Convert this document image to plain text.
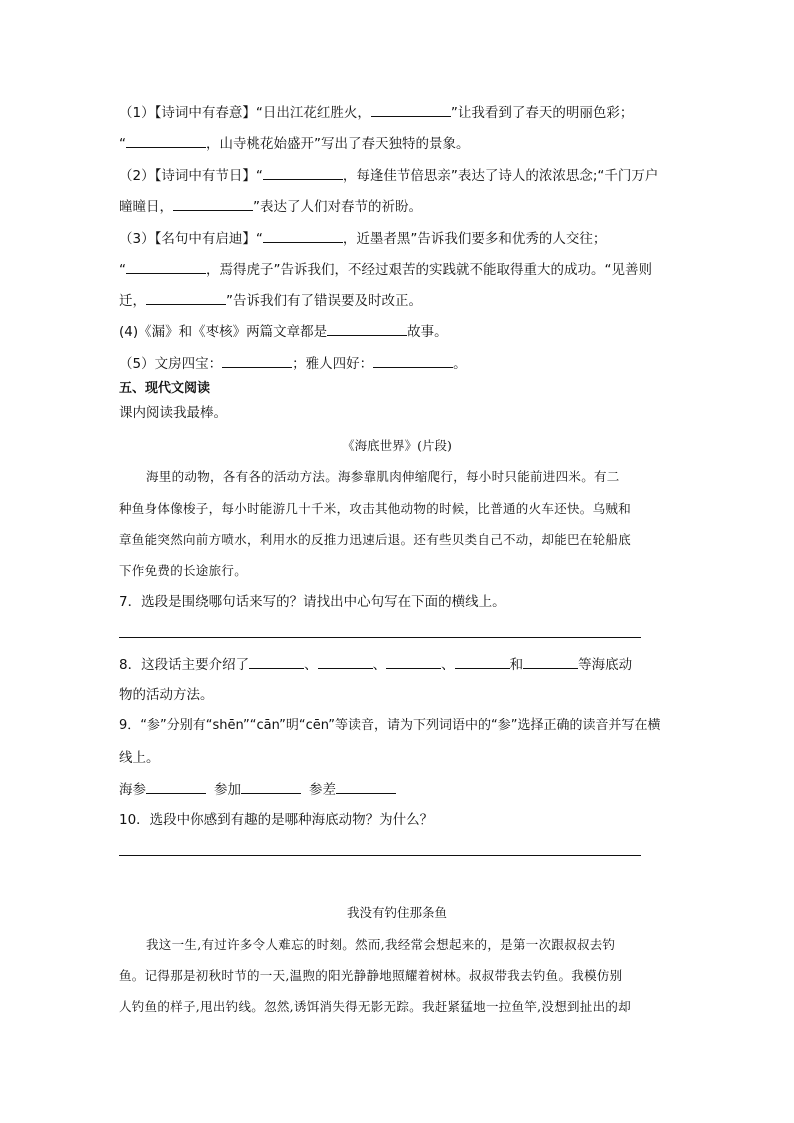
（1）【诗词中有春意】“日出江花红胜火，	”让我看到了春天的明丽色彩；
“	，山寺桃花始盛开”写出了春天独特的景象。
（2）【诗词中有节日】“	，每逢佳节倍思亲”表达了诗人的浓浓思念;“千门万户
曈曈日，	”表达了人们对春节的祈盼。
（3）【名句中有启迪】“	，近墨者黑”告诉我们要多和优秀的人交往；
“	，焉得虎子”告诉我们，不经过艰苦的实践就不能取得重大的成功。“见善则
迁，	”告诉我们有了错误要及时改正。
(4)《漏》和《枣核》两篇文章都是	故事。
（5）文房四宝：	；雅人四好：	。
五、现代文阅读
课内阅读我最棒。
《海底世界》(片段)
海里的动物，各有各的活动方法。海参靠肌肉伸缩爬行，每小时只能前进四米。有二
种鱼身体像梭子，每小时能游几十千米，攻击其他动物的时候，比普通的火车还快。乌贼和
章鱼能突然向前方喷水，利用水的反推力迅速后退。还有些贝类自己不动，却能巴在轮船底
下作免费的长途旅行。
7．选段是围绕哪句话来写的？请找出中心句写在下面的横线上。
8．这段话主要介绍了	、	、	、	和	等海底动
物的活动方法。
9．“参”分别有“shēn”“cān”明“cēn”等读音，请为下列词语中的“参”选择正确的读音并写在横
线上。
海参	参加	参差
10．选段中你感到有趣的是哪种海底动物？为什么？
我没有钓住那条鱼
我这一生,有过许多令人难忘的时刻。然而,我经常会想起来的，是第一次跟叔叔去钓
鱼。记得那是初秋时节的一天,温煦的阳光静静地照耀着树林。叔叔带我去钓鱼。我模仿别
人钓鱼的样子,甩出钓线。忽然,诱饵消失得无影无踪。我赶紧猛地一拉鱼竿,没想到扯出的却
